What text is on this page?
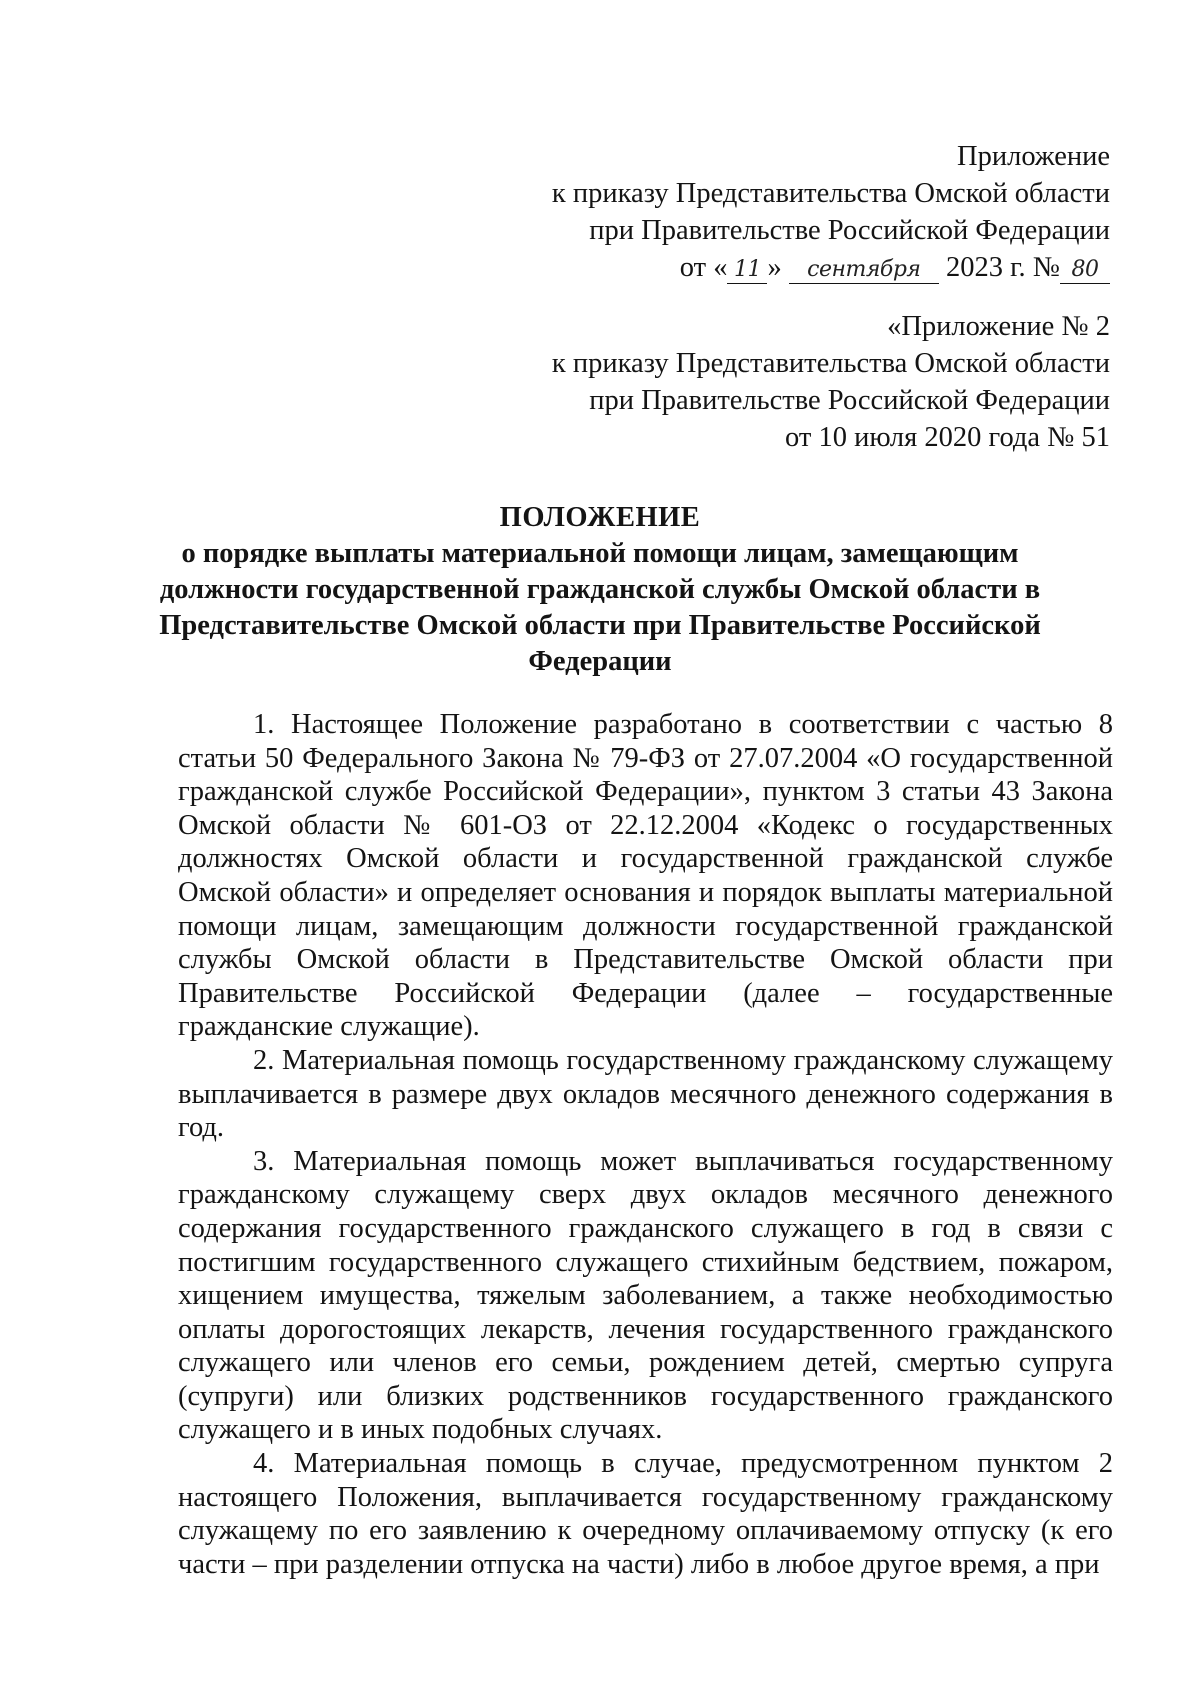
Приложение
к приказу Представительства Омской области
при Правительстве Российской Федерации
от « 11 » сентября 2023 г. № 80
«Приложение № 2
к приказу Представительства Омской области
при Правительстве Российской Федерации
от 10 июля 2020 года № 51
ПОЛОЖЕНИЕ
о порядке выплаты материальной помощи лицам, замещающим
должности государственной гражданской службы Омской области в
Представительстве Омской области при Правительстве Российской
Федерации

1. Настоящее Положение разработано в соответствии с частью 8 статьи 50 Федерального Закона № 79-ФЗ от 27.07.2004 «О государственной гражданской службе Российской Федерации», пунктом 3 статьи 43 Закона Омской области № 601-ОЗ от 22.12.2004 «Кодекс о государственных должностях Омской области и государственной гражданской службе Омской области» и определяет основания и порядок выплаты материальной помощи лицам, замещающим должности государственной гражданской службы Омской области в Представительстве Омской области при Правительстве Российской Федерации (далее – государственные гражданские служащие).

2. Материальная помощь государственному гражданскому служащему выплачивается в размере двух окладов месячного денежного содержания в год.

3. Материальная помощь может выплачиваться государственному гражданскому служащему сверх двух окладов месячного денежного содержания государственного гражданского служащего в год в связи с постигшим государственного служащего стихийным бедствием, пожаром, хищением имущества, тяжелым заболеванием, а также необходимостью оплаты дорогостоящих лекарств, лечения государственного гражданского служащего или членов его семьи, рождением детей, смертью супруга (супруги) или близких родственников государственного гражданского служащего и в иных подобных случаях.

4. Материальная помощь в случае, предусмотренном пунктом 2 настоящего Положения, выплачивается государственному гражданскому служащему по его заявлению к очередному оплачиваемому отпуску (к его части – при разделении отпуска на части) либо в любое другое время, а при
